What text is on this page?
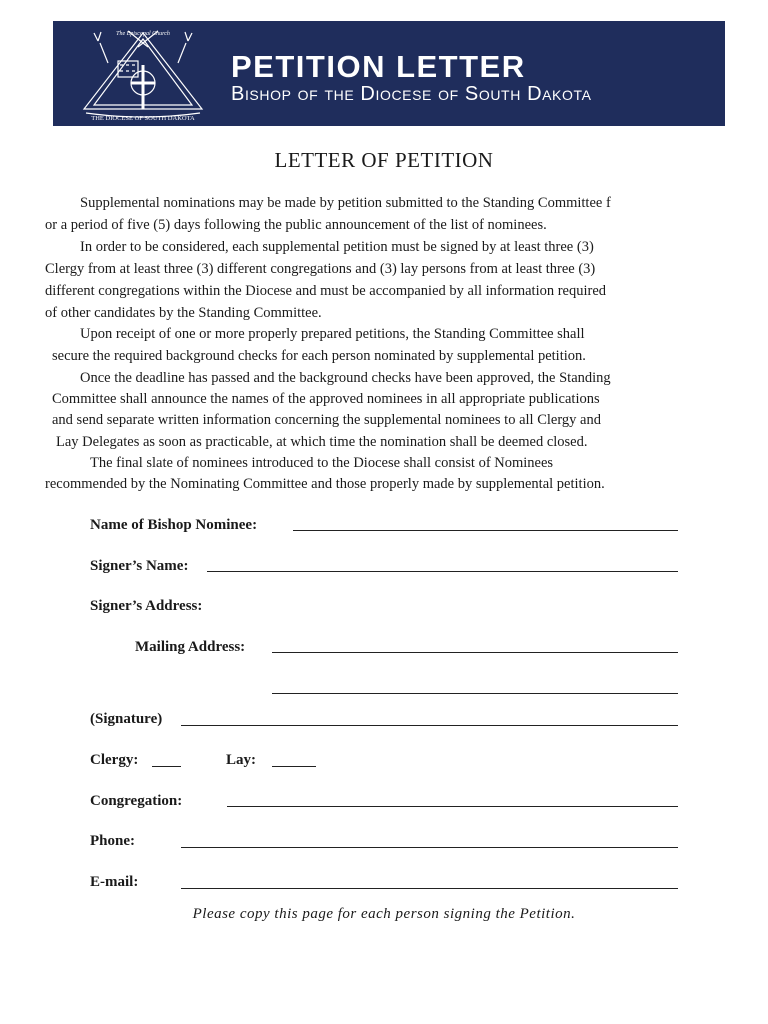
The Episcopal Church
THE DIOCESE OF SOUTH DAKOTA
PETITION LETTER
Bishop of the Diocese of South Dakota
LETTER OF PETITION
Supplemental nominations may be made by petition submitted to the Standing Committee f
or a period of five (5) days following the public announcement of the list of nominees.
In order to be considered, each supplemental petition must be signed by at least three (3)
Clergy from at least three (3) different congregations and (3) lay persons from at least three (3)
different congregations within the Diocese and must be accompanied by all information required
of other candidates by the Standing Committee.
Upon receipt of one or more properly prepared petitions, the Standing Committee shall
secure the required background checks for each person nominated by supplemental petition.
Once the deadline has passed and the background checks have been approved, the Standing
Committee shall announce the names of the approved nominees in all appropriate publications
and send separate written information concerning the supplemental nominees to all Clergy and
Lay Delegates as soon as practicable, at which time the nomination shall be deemed closed.
The final slate of nominees introduced to the Diocese shall consist of Nominees
recommended by the Nominating Committee and those properly made by supplemental petition.
Name of Bishop Nominee:
Signer’s Name:
Signer’s Address:
Mailing Address:
(Signature)
Clergy:	Lay:
Congregation:
Phone:
E-mail:
Please copy this page for each person signing the Petition.
